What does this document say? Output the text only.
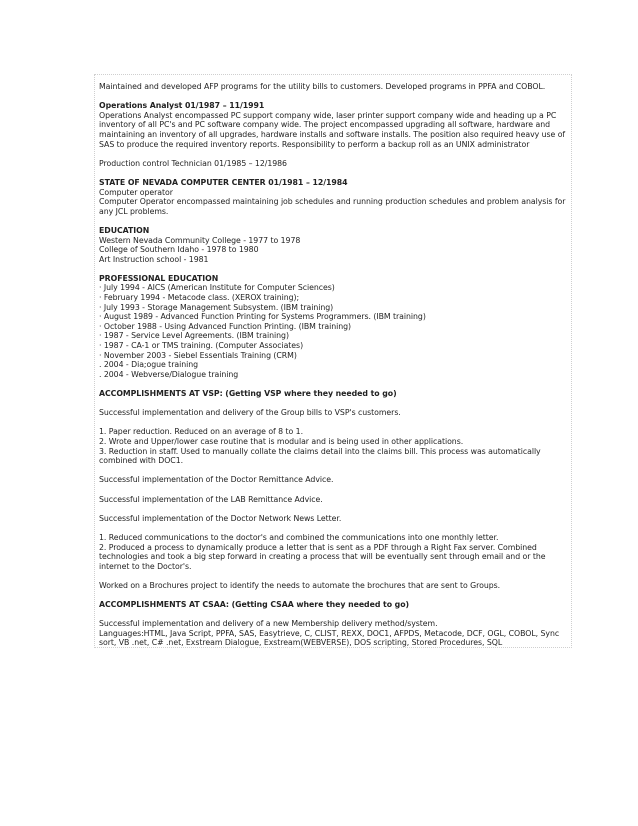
Maintained and developed AFP programs for the utility bills to customers. Developed programs in PPFA and COBOL.

Operations Analyst 01/1987 – 11/1991

Operations Analyst encompassed PC support company wide, laser printer support company wide and heading up a PC

inventory of all PC's and PC software company wide. The project encompassed upgrading all software, hardware and

maintaining an inventory of all upgrades, hardware installs and software installs. The position also required heavy use of

SAS to produce the required inventory reports. Responsibility to perform a backup roll as an UNIX administrator

Production control Technician 01/1985 – 12/1986

STATE OF NEVADA COMPUTER CENTER 01/1981 – 12/1984

Computer operator

Computer Operator encompassed maintaining job schedules and running production schedules and problem analysis for

any JCL problems.

EDUCATION

Western Nevada Community College - 1977 to 1978

College of Southern Idaho - 1978 to 1980

Art Instruction school - 1981

PROFESSIONAL EDUCATION

· July 1994 - AICS (American Institute for Computer Sciences)

· February 1994 - Metacode class. (XEROX training);

· July 1993 - Storage Management Subsystem. (IBM training)

· August 1989 - Advanced Function Printing for Systems Programmers. (IBM training)

· October 1988 - Using Advanced Function Printing. (IBM training)

· 1987 - Service Level Agreements. (IBM training)

· 1987 - CA-1 or TMS training. (Computer Associates)

· November 2003 - Siebel Essentials Training (CRM)

. 2004 - Dia;ogue training

. 2004 - Webverse/Dialogue training

ACCOMPLISHMENTS AT VSP: (Getting VSP where they needed to go)

Successful implementation and delivery of the Group bills to VSP's customers.

1. Paper reduction. Reduced on an average of 8 to 1.

2. Wrote and Upper/lower case routine that is modular and is being used in other applications.

3. Reduction in staff. Used to manually collate the claims detail into the claims bill. This process was automatically

combined with DOC1.

Successful implementation of the Doctor Remittance Advice.

Successful implementation of the LAB Remittance Advice.

Successful implementation of the Doctor Network News Letter.

1. Reduced communications to the doctor's and combined the communications into one monthly letter.

2. Produced a process to dynamically produce a letter that is sent as a PDF through a Right Fax server. Combined

technologies and took a big step forward in creating a process that will be eventually sent through email and or the

internet to the Doctor's.

Worked on a Brochures project to identify the needs to automate the brochures that are sent to Groups.

ACCOMPLISHMENTS AT CSAA: (Getting CSAA where they needed to go)

Successful implementation and delivery of a new Membership delivery method/system.

Languages:HTML, Java Script, PPFA, SAS, Easytrieve, C, CLIST, REXX, DOC1, AFPDS, Metacode, DCF, OGL, COBOL, Sync

sort, VB .net, C# .net, Exstream Dialogue, Exstream(WEBVERSE), DOS scripting, Stored Procedures, SQL
